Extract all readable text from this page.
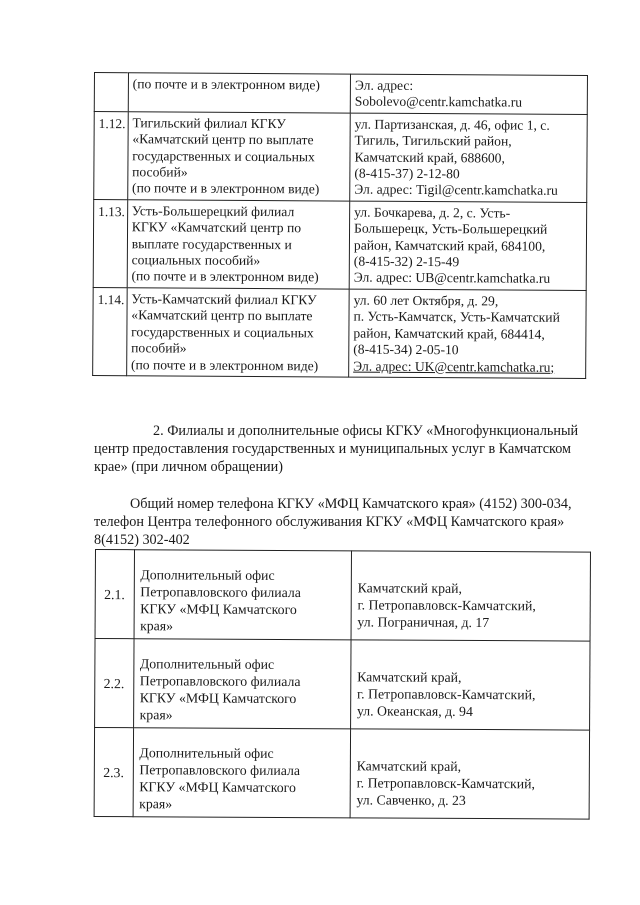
	(по почте и в электронном виде)	Эл. адрес:
Sobolevo@centr.kamchatka.ru

1.12.	Тигильский филиал КГКУ
«Камчатский центр по выплате
государственных и социальных
пособий»
(по почте и в электронном виде)	ул. Партизанская, д. 46, офис 1, с.
Тигиль, Тигильский район,
Камчатский край, 688600,
(8-415-37) 2-12-80
Эл. адрес: Tigil@centr.kamchatka.ru

1.13.	Усть-Большерецкий филиал
КГКУ «Камчатский центр по
выплате государственных и
социальных пособий»
(по почте и в электронном виде)	ул. Бочкарева, д. 2, с. Усть-
Большерецк, Усть-Большерецкий
район, Камчатский край, 684100,
(8-415-32) 2-15-49
Эл. адрес: UB@centr.kamchatka.ru

1.14.	Усть-Камчатский филиал КГКУ
«Камчатский центр по выплате
государственных и социальных
пособий»
(по почте и в электронном виде)	ул. 60 лет Октября, д. 29,
п. Усть-Камчатск, Усть-Камчатский
район, Камчатский край, 684414,
(8-415-34) 2-05-10
Эл. адрес: UK@centr.kamchatka.ru;
2. Филиалы и дополнительные офисы КГКУ «Многофункциональный
центр предоставления государственных и муниципальных услуг в Камчатском
крае» (при личном обращении)
Общий номер телефона КГКУ «МФЦ Камчатского края» (4152) 300-034,
телефон Центра телефонного обслуживания КГКУ «МФЦ Камчатского края»
8(4152) 302-402
2.1.	Дополнительный офис
Петропавловского филиала
КГКУ «МФЦ Камчатского
края»	Камчатский край,
г. Петропавловск-Камчатский,
ул. Пограничная, д. 17

2.2.	Дополнительный офис
Петропавловского филиала
КГКУ «МФЦ Камчатского
края»	Камчатский край,
г. Петропавловск-Камчатский,
ул. Океанская, д. 94

2.3.	Дополнительный офис
Петропавловского филиала
КГКУ «МФЦ Камчатского
края»	Камчатский край,
г. Петропавловск-Камчатский,
ул. Савченко, д. 23
